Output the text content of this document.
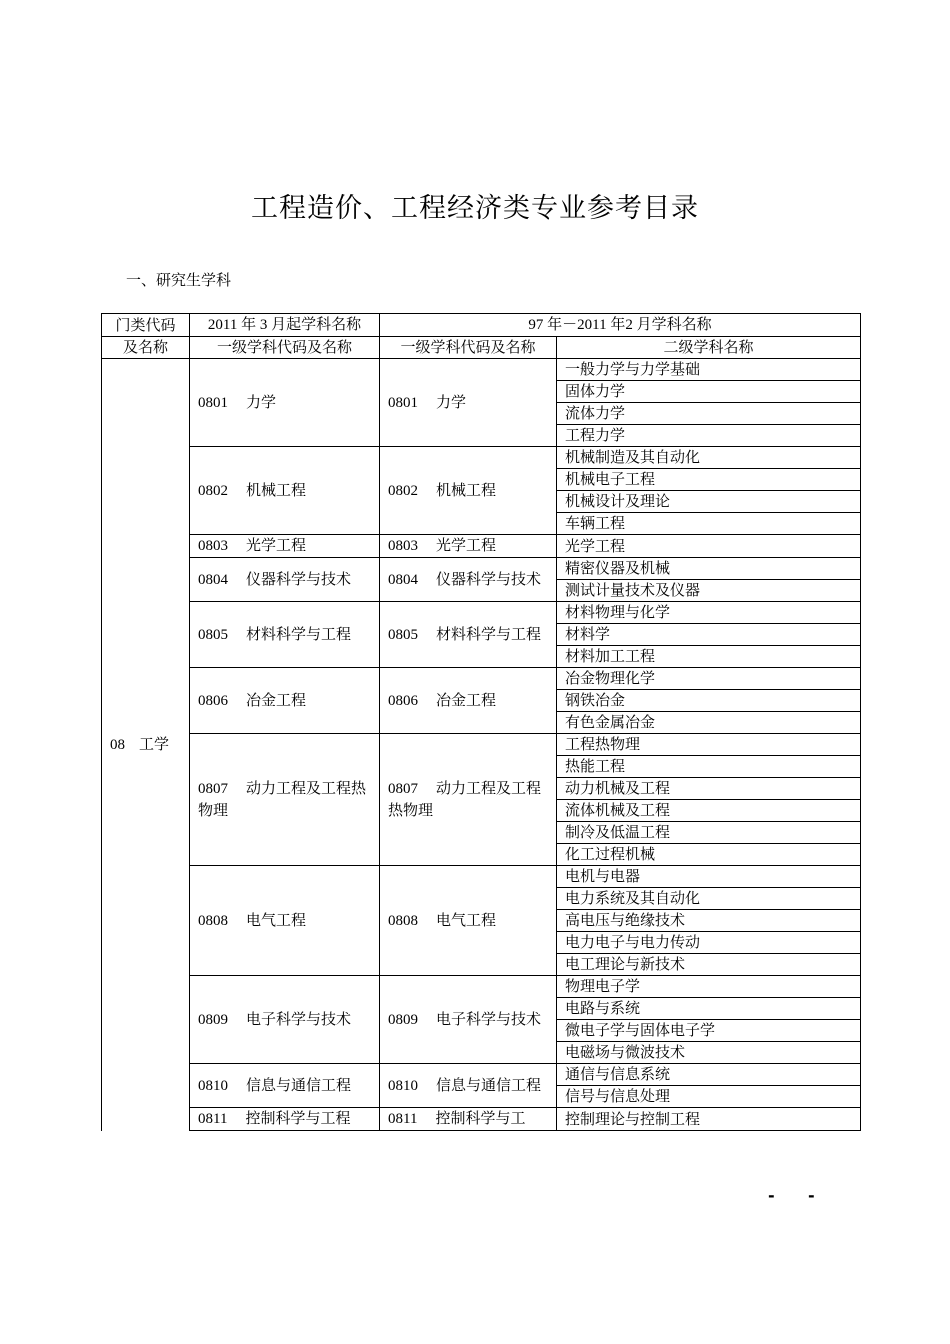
工程造价、工程经济类专业参考目录
一、研究生学科
门类代码	2011 年 3 月起学科名称	97 年－2011 年2 月学科名称	
及名称	一级学科代码及名称	一级学科代码及名称	二级学科名称
08 工学	0801 力学	0801 力学	一般力学与力学基础
			固体力学
			流体力学
			工程力学
	0802 机械工程	0802 机械工程	机械制造及其自动化
			机械电子工程
			机械设计及理论
			车辆工程
	0803 光学工程	0803 光学工程	光学工程
	0804 仪器科学与技术	0804 仪器科学与技术	精密仪器及机械
			测试计量技术及仪器
	0805 材料科学与工程	0805 材料科学与工程	材料物理与化学
			材料学
			材料加工工程
	0806 冶金工程	0806 冶金工程	冶金物理化学
			钢铁冶金
			有色金属冶金
	0807 动力工程及工程热物理	0807 动力工程及工程热物理	工程热物理
			热能工程
			动力机械及工程
			流体机械及工程
			制冷及低温工程
			化工过程机械
	0808 电气工程	0808 电气工程	电机与电器
			电力系统及其自动化
			高电压与绝缘技术
			电力电子与电力传动
			电工理论与新技术
	0809 电子科学与技术	0809 电子科学与技术	物理电子学
			电路与系统
			微电子学与固体电子学
			电磁场与微波技术
	0810 信息与通信工程	0810 信息与通信工程	通信与信息系统
			信号与信息处理
	0811 控制科学与工程	0811 控制科学与工	控制理论与控制工程
- -
